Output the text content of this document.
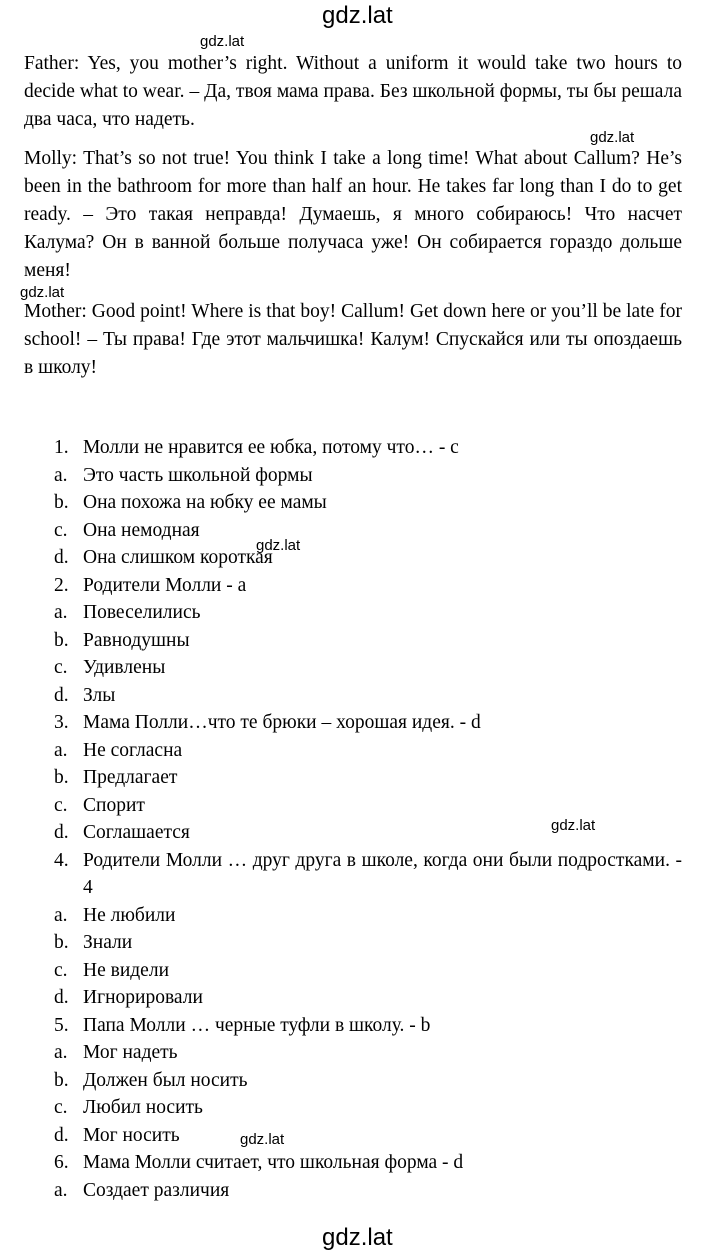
gdz.lat

Father: Yes, you mother’s right. Without a uniform it would take two hours to decide what to wear. – Да, твоя мама права. Без школьной формы, ты бы решала два часа, что надеть.

Molly: That’s so not true! You think I take a long time! What about Callum? He’s been in the bathroom for more than half an hour. He takes far long than I do to get ready. – Это такая неправда! Думаешь, я много собираюсь! Что насчет Калума? Он в ванной больше получаса уже! Он собирается гораздо дольше меня!

Mother: Good point! Where is that boy! Callum! Get down here or you’ll be late for school! – Ты права! Где этот мальчишка! Калум! Спускайся или ты опоздаешь в школу!

1. Молли не нравится ее юбка, потому что… - c
a. Это часть школьной формы
b. Она похожа на юбку ее мамы
c. Она немодная
d. Она слишком короткая
2. Родители Молли - a
a. Повеселились
b. Равнодушны
c. Удивлены
d. Злы
3. Мама Полли…что те брюки – хорошая идея. - d
a. Не согласна
b. Предлагает
c. Спорит
d. Соглашается
4. Родители Молли … друг друга в школе, когда они были подростками. - 4
a. Не любили
b. Знали
c. Не видели
d. Игнорировали
5. Папа Молли … черные туфли в школу. - b
a. Мог надеть
b. Должен был носить
c. Любил носить
d. Мог носить
6. Мама Молли считает, что школьная форма - d
a. Создает различия
gdz.lat
gdz.lat
gdz.lat
gdz.lat
gdz.lat
gdz.lat
gdz.lat
